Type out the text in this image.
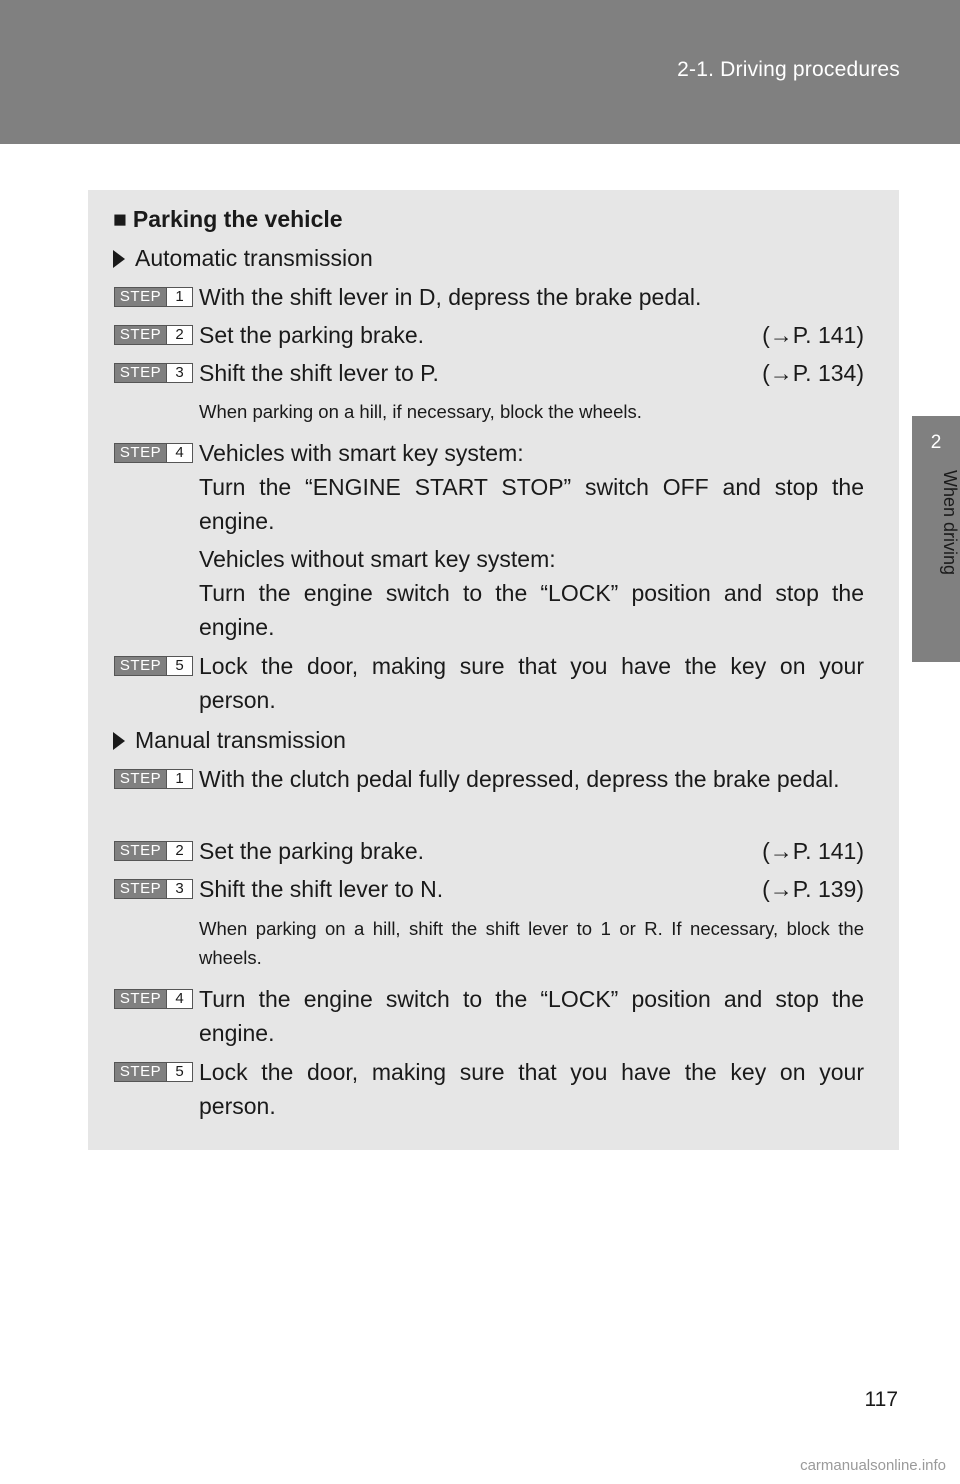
2-1. Driving procedures
2
When driving
■ Parking the vehicle
Automatic transmission
STEP 1 With the shift lever in D, depress the brake pedal.
STEP 2 Set the parking brake.	(→P. 141)
STEP 3 Shift the shift lever to P.	(→P. 134)
When parking on a hill, if necessary, block the wheels.
STEP 4 Vehicles with smart key system:
Turn the “ENGINE START STOP” switch OFF and stop the engine.
Vehicles without smart key system:
Turn the engine switch to the “LOCK” position and stop the engine.
STEP 5 Lock the door, making sure that you have the key on your person.
Manual transmission
STEP 1 With the clutch pedal fully depressed, depress the brake pedal.
STEP 2 Set the parking brake.	(→P. 141)
STEP 3 Shift the shift lever to N.	(→P. 139)
When parking on a hill, shift the shift lever to 1 or R. If necessary, block the wheels.
STEP 4 Turn the engine switch to the “LOCK” position and stop the engine.
STEP 5 Lock the door, making sure that you have the key on your person.
117
carmanualsonline.info
